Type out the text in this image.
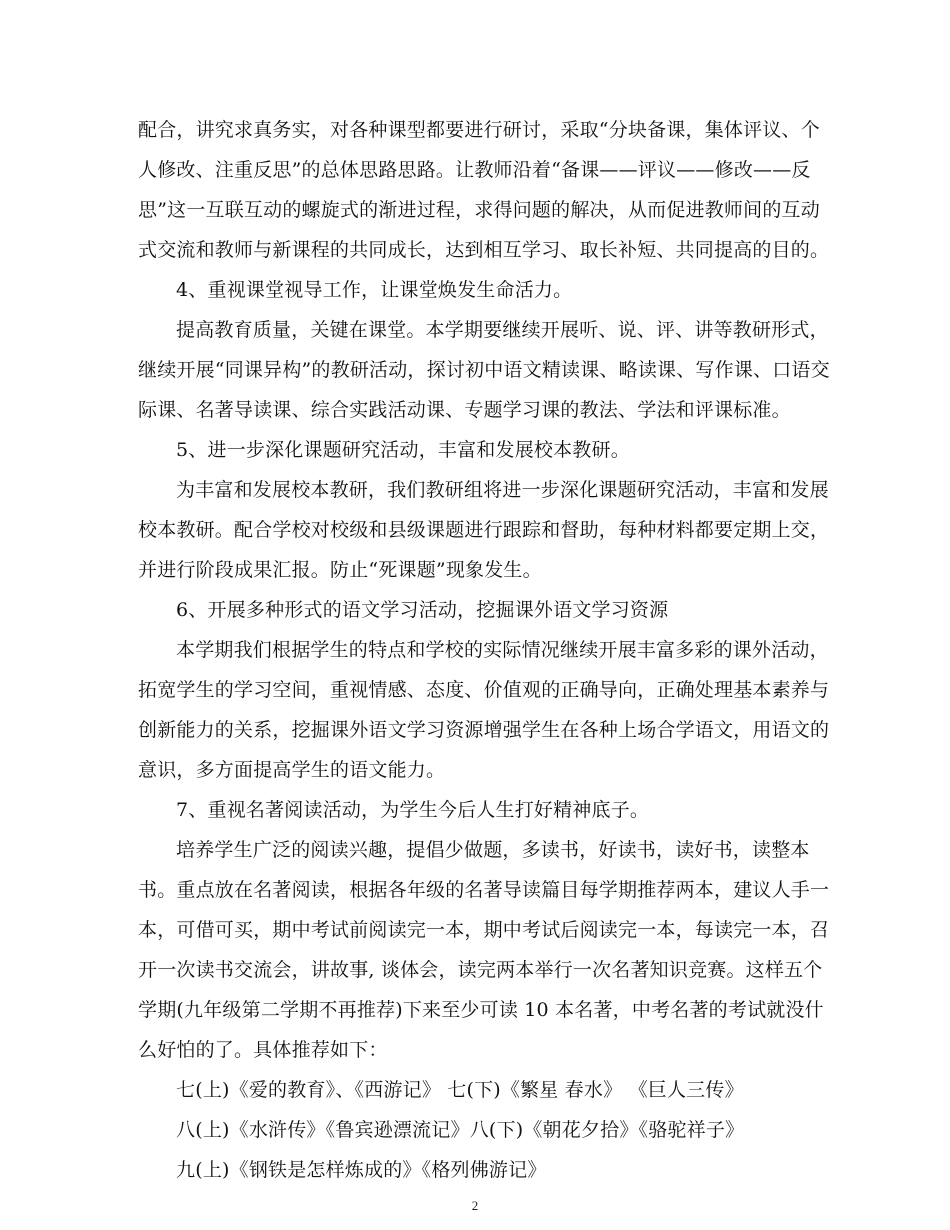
配合，讲究求真务实，对各种课型都要进行研讨，采取“分块备课，集体评议、个
人修改、注重反思”的总体思路思路。让教师沿着“备课——评议——修改——反
思”这一互联互动的螺旋式的渐进过程，求得问题的解决，从而促进教师间的互动
式交流和教师与新课程的共同成长，达到相互学习、取长补短、共同提高的目的。
4、重视课堂视导工作，让课堂焕发生命活力。
提高教育质量，关键在课堂。本学期要继续开展听、说、评、讲等教研形式，
继续开展“同课异构”的教研活动，探讨初中语文精读课、略读课、写作课、口语交
际课、名著导读课、综合实践活动课、专题学习课的教法、学法和评课标准。
5、进一步深化课题研究活动，丰富和发展校本教研。
为丰富和发展校本教研，我们教研组将进一步深化课题研究活动，丰富和发展
校本教研。配合学校对校级和县级课题进行跟踪和督助，每种材料都要定期上交，
并进行阶段成果汇报。防止“死课题”现象发生。
6、开展多种形式的语文学习活动，挖掘课外语文学习资源
本学期我们根据学生的特点和学校的实际情况继续开展丰富多彩的课外活动，
拓宽学生的学习空间，重视情感、态度、价值观的正确导向，正确处理基本素养与
创新能力的关系，挖掘课外语文学习资源增强学生在各种上场合学语文，用语文的
意识，多方面提高学生的语文能力。
7、重视名著阅读活动，为学生今后人生打好精神底子。
培养学生广泛的阅读兴趣，提倡少做题，多读书，好读书，读好书，读整本
书。重点放在名著阅读，根据各年级的名著导读篇目每学期推荐两本，建议人手一
本，可借可买，期中考试前阅读完一本，期中考试后阅读完一本，每读完一本，召
开一次读书交流会，讲故事, 谈体会，读完两本举行一次名著知识竞赛。这样五个
学期(九年级第二学期不再推荐)下来至少可读 10 本名著，中考名著的考试就没什
么好怕的了。具体推荐如下：
七(上)《爱的教育》、《西游记》 七(下)《繁星 春水》 《巨人三传》
八(上)《水浒传》《鲁宾逊漂流记》八(下)《朝花夕拾》《骆驼祥子》
九(上)《钢铁是怎样炼成的》《格列佛游记》
2
